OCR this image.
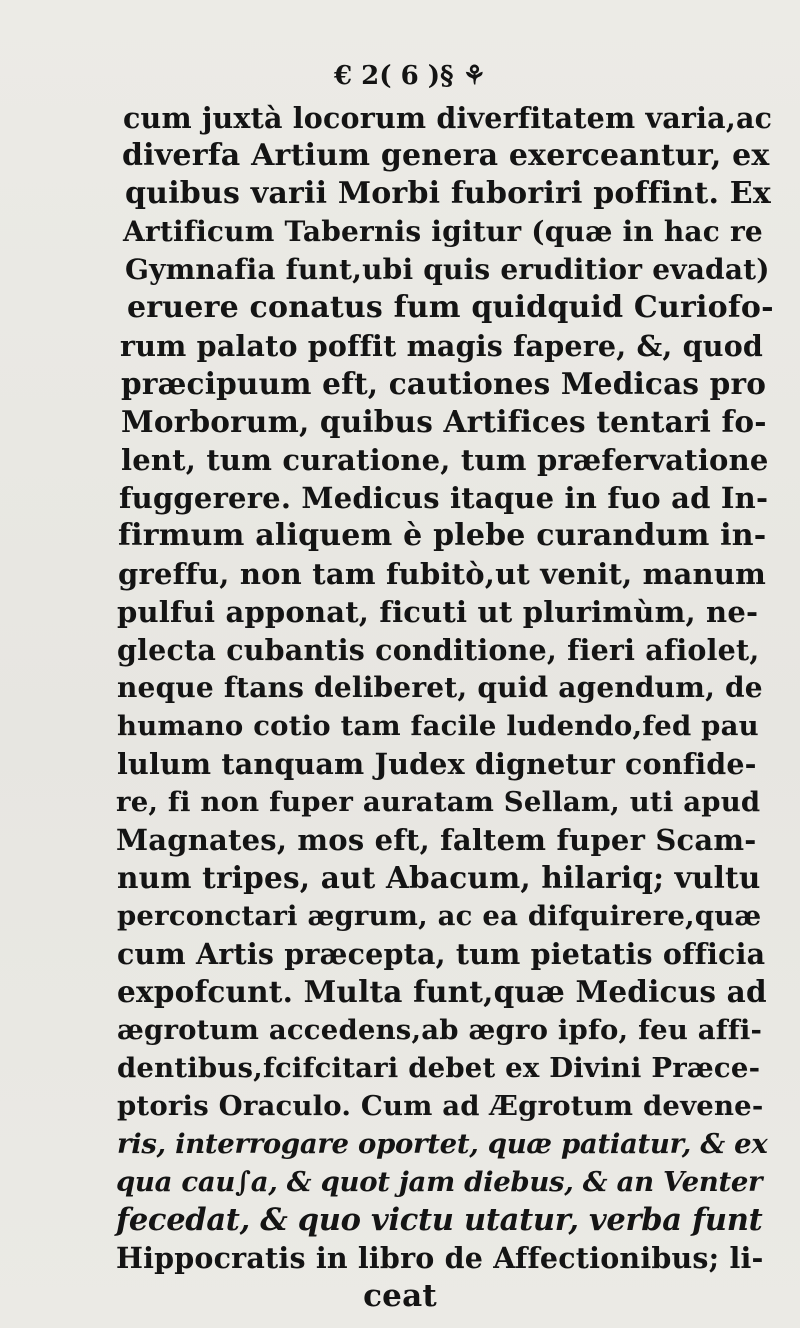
€ 2( 6 )§ ⚘
cum juxtà locorum diverfitatem varia,ac
diverfa Artium genera exerceantur, ex
quibus varii Morbi fuboriri poffint. Ex
Artificum Tabernis igitur (quæ in hac re
Gymnafia funt,ubi quis eruditior evadat)
eruere conatus fum quidquid Curiofo-
rum palato poffit magis fapere, &, quod
præcipuum eft, cautiones Medicas pro
Morborum, quibus Artifices tentari fo-
lent, tum curatione, tum præfervatione
fuggerere. Medicus itaque in fuo ad In-
firmum aliquem è plebe curandum in-
greffu, non tam fubitò,ut venit, manum
pulfui apponat, ficuti ut plurimùm, ne-
glecta cubantis conditione, fieri afiolet,
neque ftans deliberet, quid agendum, de
humano cotio tam facile ludendo,fed pau
lulum tanquam Judex dignetur confide-
re, fi non fuper auratam Sellam, uti apud
Magnates, mos eft, faltem fuper Scam-
num tripes, aut Abacum, hilariq; vultu
perconctari ægrum, ac ea difquirere,quæ
cum Artis præcepta, tum pietatis officia
expofcunt. Multa funt,quæ Medicus ad
ægrotum accedens,ab ægro ipfo, feu affi-
dentibus,fcifcitari debet ex Divini Præce-
ptoris Oraculo. Cum ad Ægrotum devene-
ris, interrogare oportet, quæ patiatur, & ex
qua cau∫a, & quot jam diebus, & an Venter
fecedat, & quo victu utatur, verba funt
Hippocratis in libro de Affectionibus; li-
ceat
